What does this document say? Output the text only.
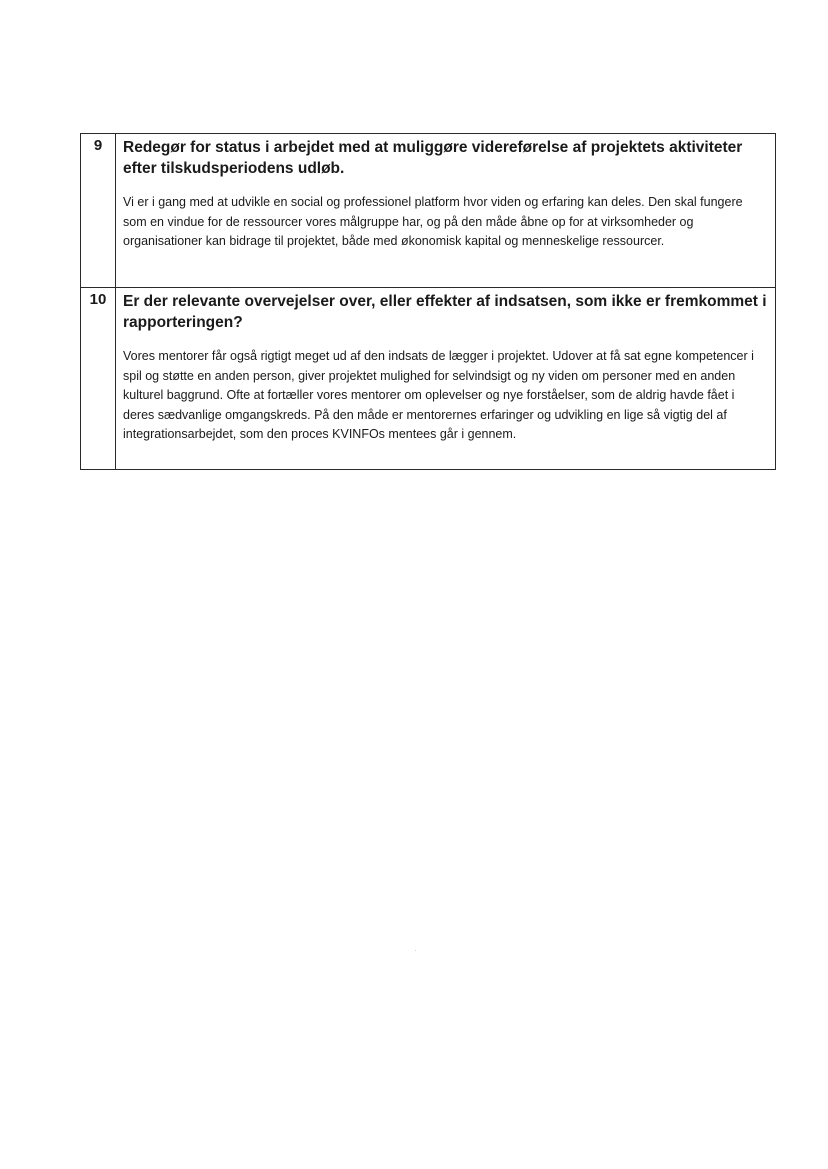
9	Redegør for status i arbejdet med at muliggøre videreførelse af projektets aktiviteter efter tilskudsperiodens udløb.

Vi er i gang med at udvikle en social og professionel platform hvor viden og erfaring kan deles. Den skal fungere som en vindue for de ressourcer vores målgruppe har, og på den måde åbne op for at virksomheder og organisationer kan bidrage til projektet, både med økonomisk kapital og menneskelige ressourcer.

10	Er der relevante overvejelser over, eller effekter af indsatsen, som ikke er fremkommet i rapporteringen?

Vores mentorer får også rigtigt meget ud af den indsats de lægger i projektet. Udover at få sat egne kompetencer i spil og støtte en anden person, giver projektet mulighed for selvindsigt og ny viden om personer med en anden kulturel baggrund. Ofte at fortæller vores mentorer om oplevelser og nye forståelser, som de aldrig havde fået i deres sædvanlige omgangskreds. På den måde er mentorernes erfaringer og udvikling en lige så vigtig del af integrationsarbejdet, som den proces KVINFOs mentees går i gennem.
